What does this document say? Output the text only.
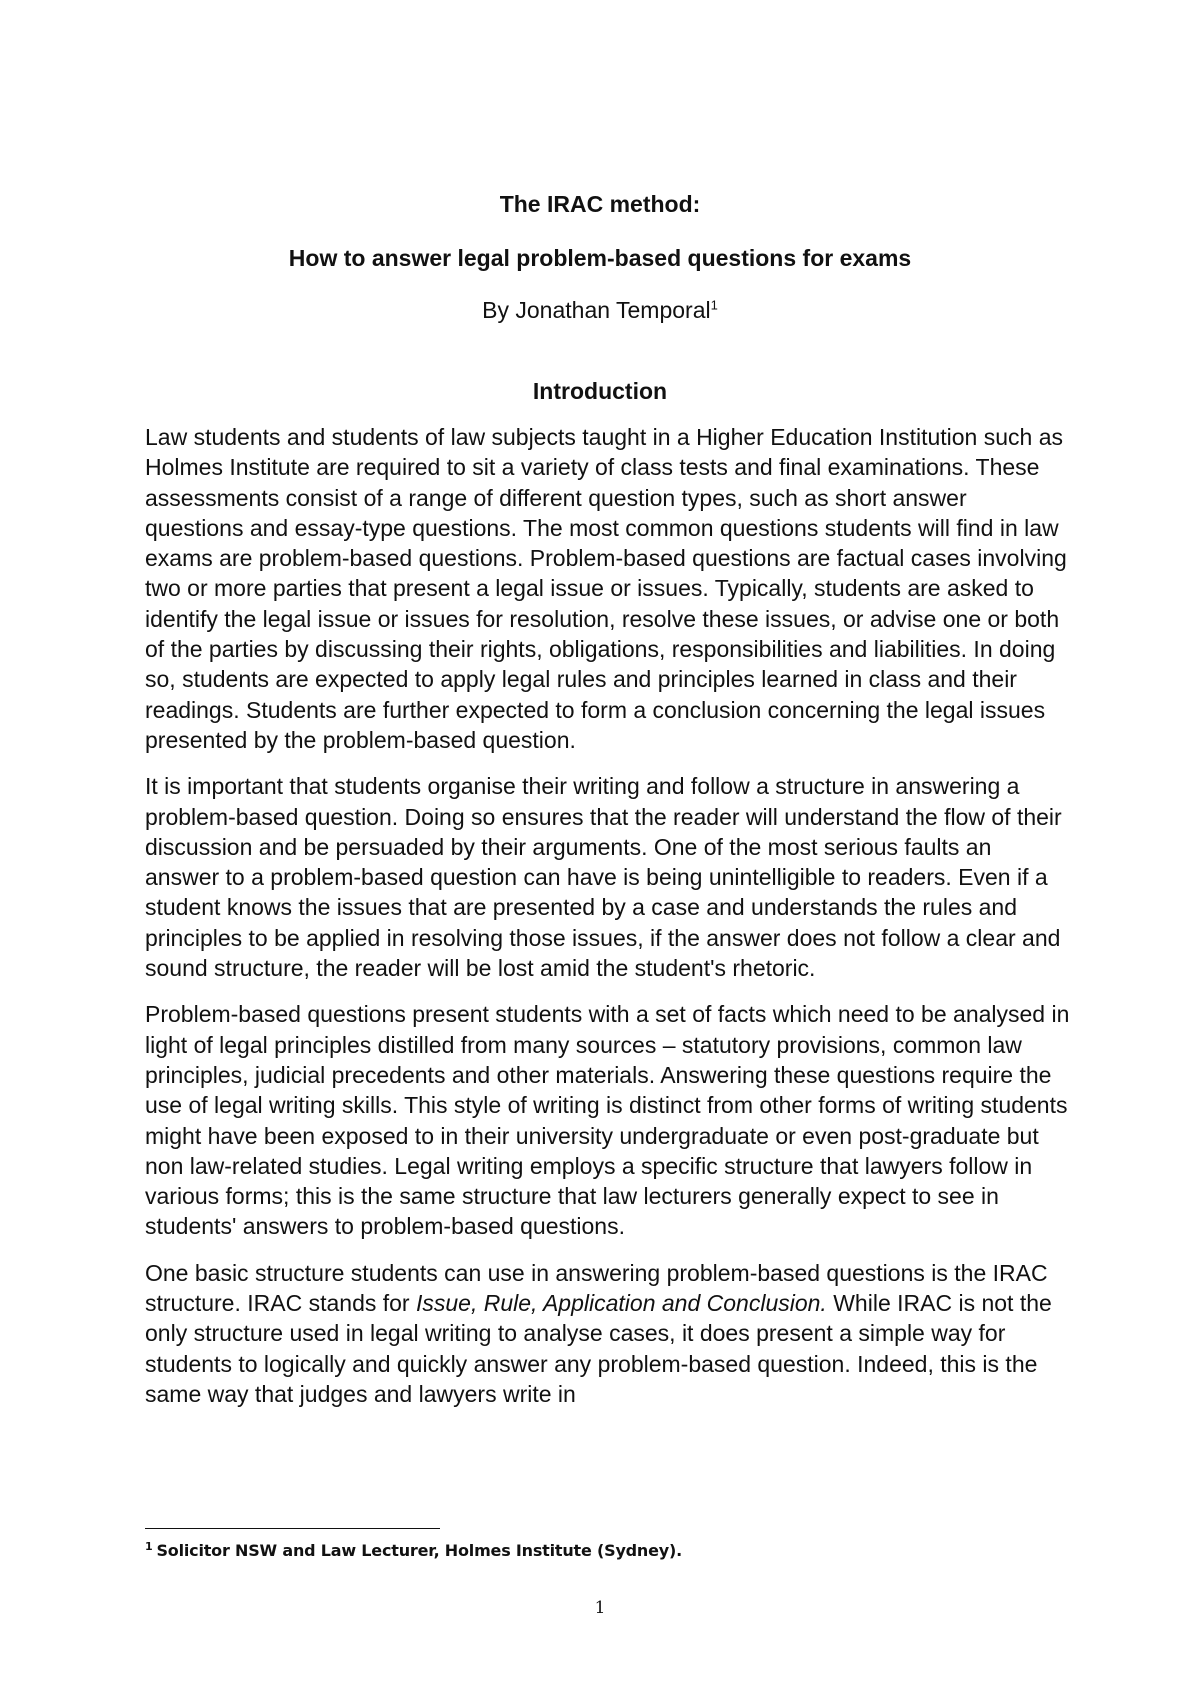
The IRAC method:

How to answer legal problem-based questions for exams

By Jonathan Temporal$^1$

Introduction

Law students and students of law subjects taught in a Higher Education Institution such as Holmes Institute are required to sit a variety of class tests and final examinations. These assessments consist of a range of different question types, such as short answer questions and essay-type questions. The most common questions students will find in law exams are problem-based questions. Problem-based questions are factual cases involving two or more parties that present a legal issue or issues. Typically, students are asked to identify the legal issue or issues for resolution, resolve these issues, or advise one or both of the parties by discussing their rights, obligations, responsibilities and liabilities. In doing so, students are expected to apply legal rules and principles learned in class and their readings. Students are further expected to form a conclusion concerning the legal issues presented by the problem-based question.

It is important that students organise their writing and follow a structure in answering a problem-based question. Doing so ensures that the reader will understand the flow of their discussion and be persuaded by their arguments. One of the most serious faults an answer to a problem-based question can have is being unintelligible to readers. Even if a student knows the issues that are presented by a case and understands the rules and principles to be applied in resolving those issues, if the answer does not follow a clear and sound structure, the reader will be lost amid the student's rhetoric.

Problem-based questions present students with a set of facts which need to be analysed in light of legal principles distilled from many sources – statutory provisions, common law principles, judicial precedents and other materials. Answering these questions require the use of legal writing skills. This style of writing is distinct from other forms of writing students might have been exposed to in their university undergraduate or even post-graduate but non law-related studies. Legal writing employs a specific structure that lawyers follow in various forms; this is the same structure that law lecturers generally expect to see in students' answers to problem-based questions.

One basic structure students can use in answering problem-based questions is the IRAC structure. IRAC stands for Issue, Rule, Application and Conclusion. While IRAC is not the only structure used in legal writing to analyse cases, it does present a simple way for students to logically and quickly answer any problem-based question. Indeed, this is the same way that judges and lawyers write in

$^1$ Solicitor NSW and Law Lecturer, Holmes Institute (Sydney).
1
